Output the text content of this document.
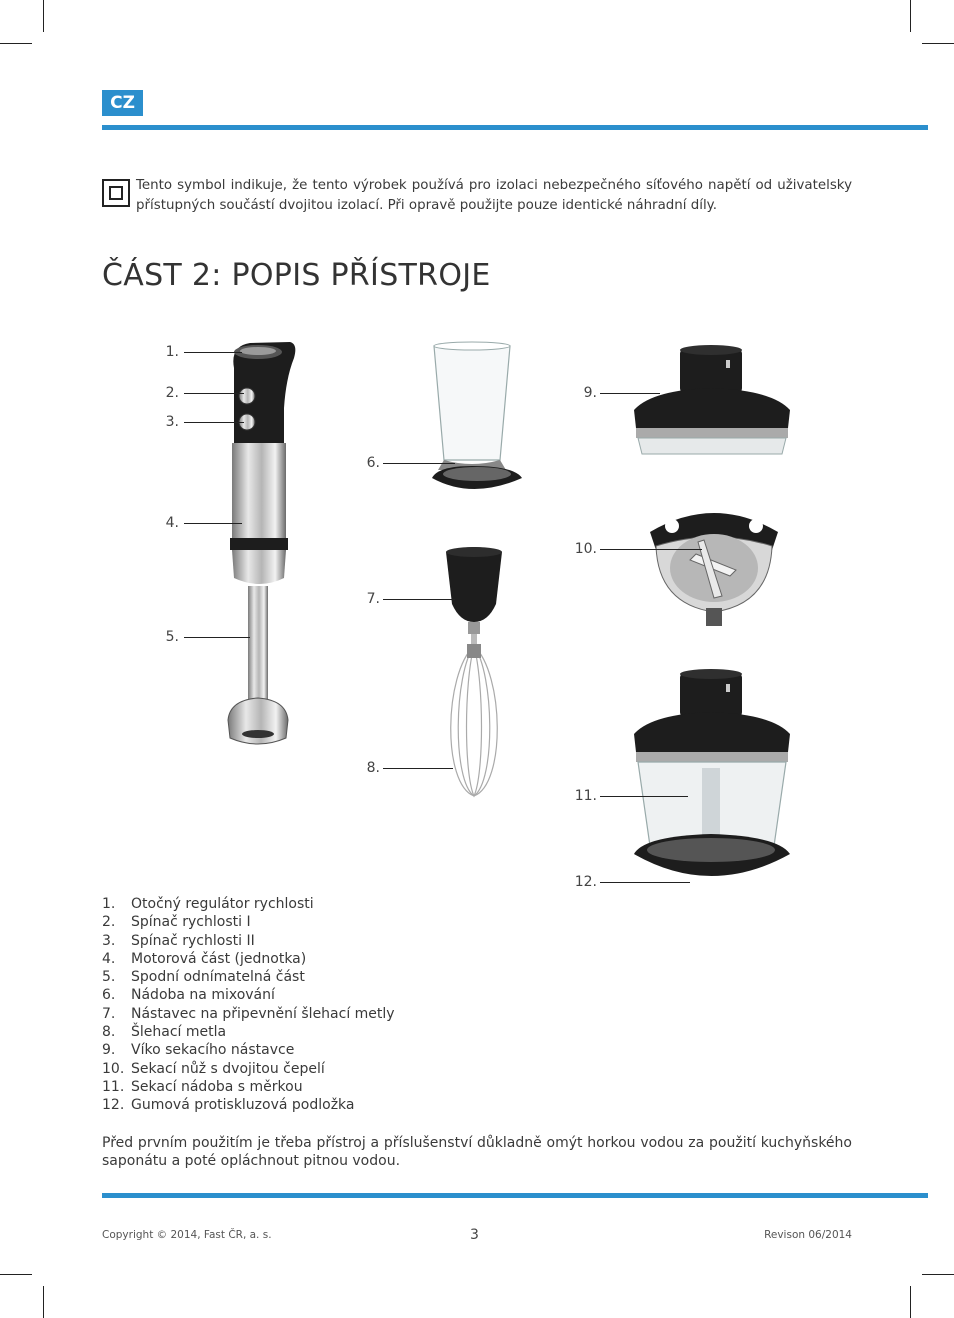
CZ

Tento symbol indikuje, že tento výrobek používá pro izolaci nebezpečného síťového napětí od uživatelsky přístupných součástí dvojitou izolací. Při opravě použijte pouze identické náhradní díly.

ČÁST 2: POPIS PŘÍSTROJE
1.
2.
3.
4.
5.
6.
7.
8.
9.
10.
11.
12.
1. Otočný regulátor rychlosti
2. Spínač rychlosti I
3. Spínač rychlosti II
4. Motorová část (jednotka)
5. Spodní odnímatelná část
6. Nádoba na mixování
7. Nástavec na připevnění šlehací metly
8. Šlehací metla
9. Víko sekacího nástavce
10. Sekací nůž s dvojitou čepelí
11. Sekací nádoba s měrkou
12. Gumová protiskluzová podložka

Před prvním použitím je třeba přístroj a příslušenství důkladně omýt horkou vodou za použití kuchyňského saponátu a poté opláchnout pitnou vodou.

Copyright © 2014, Fast ČR, a. s.	3	Revison 06/2014
